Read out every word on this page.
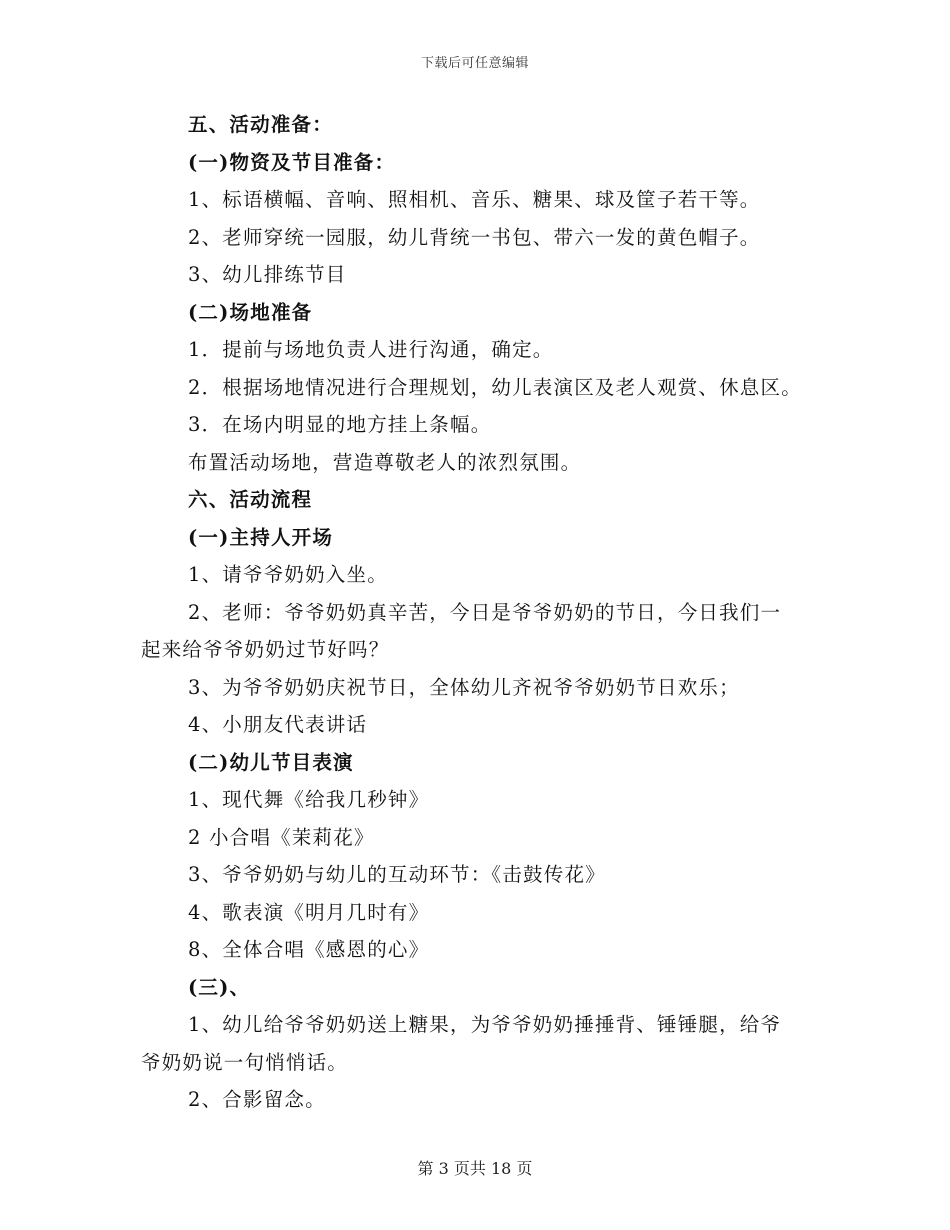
下载后可任意编辑
五、活动准备：
(一)物资及节目准备：
1、标语横幅、音响、照相机、音乐、糖果、球及筐子若干等。
2、老师穿统一园服，幼儿背统一书包、带六一发的黄色帽子。
3、幼儿排练节目
(二)场地准备
1．提前与场地负责人进行沟通，确定。
2．根据场地情况进行合理规划，幼儿表演区及老人观赏、休息区。
3．在场内明显的地方挂上条幅。
布置活动场地，营造尊敬老人的浓烈氛围。
六、活动流程
(一)主持人开场
1、请爷爷奶奶入坐。
2、老师：爷爷奶奶真辛苦，今日是爷爷奶奶的节日，今日我们一
起来给爷爷奶奶过节好吗？
3、为爷爷奶奶庆祝节日，全体幼儿齐祝爷爷奶奶节日欢乐；
4、小朋友代表讲话
(二)幼儿节目表演
1、现代舞《给我几秒钟》
2 小合唱《茉莉花》
3、爷爷奶奶与幼儿的互动环节：《击鼓传花》
4、歌表演《明月几时有》
8、全体合唱《感恩的心》
(三)、
1、幼儿给爷爷奶奶送上糖果，为爷爷奶奶捶捶背、锤锤腿，给爷
爷奶奶说一句悄悄话。
2、合影留念。
第 3 页共 18 页
